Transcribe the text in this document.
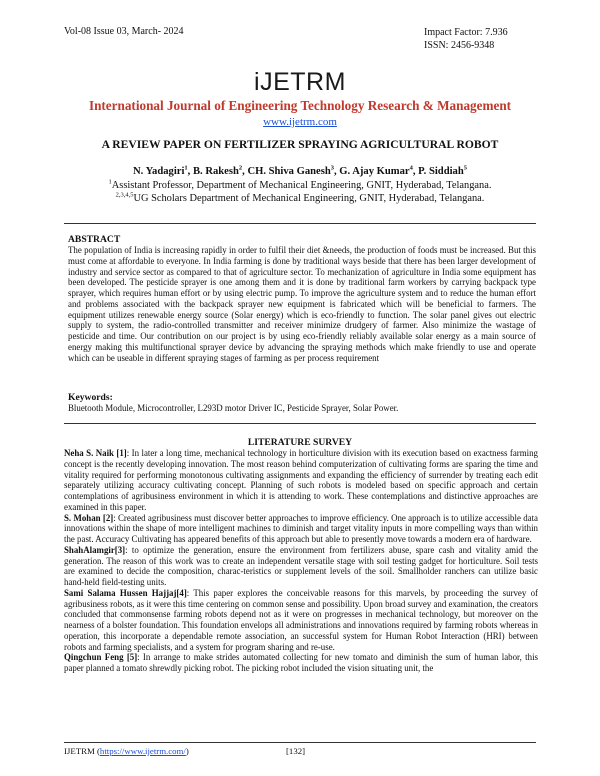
Vol-08 Issue 03, March- 2024	Impact Factor: 7.936
ISSN: 2456-9348
iJETRM
International Journal of Engineering Technology Research & Management
www.ijetrm.com
A REVIEW PAPER ON FERTILIZER SPRAYING AGRICULTURAL ROBOT
N. Yadagiri$^1$, B. Rakesh$^2$, CH. Shiva Ganesh$^3$, G. Ajay Kumar$^4$, P. Siddiah$^5$
$^1$Assistant Professor, Department of Mechanical Engineering, GNIT, Hyderabad, Telangana.
$^{2,3,4,5}$UG Scholars Department of Mechanical Engineering, GNIT, Hyderabad, Telangana.
ABSTRACT
The population of India is increasing rapidly in order to fulfil their diet &needs, the production of foods must be increased. But this must come at affordable to everyone. In India farming is done by traditional ways beside that there has been larger development of industry and service sector as compared to that of agriculture sector. To mechanization of agriculture in India some equipment has been developed. The pesticide sprayer is one among them and it is done by traditional farm workers by carrying backpack type sprayer, which requires human effort or by using electric pump. To improve the agriculture system and to reduce the human effort and problems associated with the backpack sprayer new equipment is fabricated which will be beneficial to farmers. The equipment utilizes renewable energy source (Solar energy) which is eco-friendly to function. The solar panel gives out electric supply to system, the radio-controlled transmitter and receiver minimize drudgery of farmer. Also minimize the wastage of pesticide and time. Our contribution on our project is by using eco-friendly reliably available solar energy as a main source of energy making this multifunctional sprayer device by advancing the spraying methods which make friendly to use and operate which can be useable in different spraying stages of farming as per process requirement
Keywords:
Bluetooth Module, Microcontroller, L293D motor Driver IC, Pesticide Sprayer, Solar Power.
LITERATURE SURVEY

Neha S. Naik [1]: In later a long time, mechanical technology in horticulture division with its execution based on exactness farming concept is the recently developing innovation. The most reason behind computerization of cultivating forms are sparing the time and vitality required for performing monotonous cultivating assignments and expanding the efficiency of surrender by treating each edit separately utilizing accuracy cultivating concept. Planning of such robots is modeled based on specific approach and certain contemplations of agribusiness environment in which it is attending to work. These contemplations and distinctive approaches are examined in this paper.

S. Mohan [2]: Created agribusiness must discover better approaches to improve efficiency. One approach is to utilize accessible data innovations within the shape of more intelligent machines to diminish and target vitality inputs in more compelling ways than within the past. Accuracy Cultivating has appeared benefits of this approach but able to presently move towards a modern era of hardware.

ShahAlamgir[3]: to optimize the generation, ensure the environment from fertilizers abuse, spare cash and vitality amid the generation. The reason of this work was to create an independent versatile stage with soil testing gadget for horticulture. Soil tests are examined to decide the composition, charac-teristics or supplement levels of the soil. Smallholder ranchers can utilize basic hand-held field-testing units.

Sami Salama Hussen Hajjaj[4]: This paper explores the conceivable reasons for this marvels, by proceeding the survey of agribusiness robots, as it were this time centering on common sense and possibility. Upon broad survey and examination, the creators concluded that commonsense farming robots depend not as it were on progresses in mechanical technology, but moreover on the nearness of a bolster foundation. This foundation envelops all administrations and innovations required by farming robots whereas in operation, this incorporate a dependable remote association, an successful system for Human Robot Interaction (HRI) between robots and farming specialists, and a system for program sharing and re-use.

Qingchun Feng [5]: In arrange to make strides automated collecting for new tomato and diminish the sum of human labor, this paper planned a tomato shrewdly picking robot. The picking robot included the vision situating unit, the

IJETRM (https://www.ijetrm.com/)	[132]
